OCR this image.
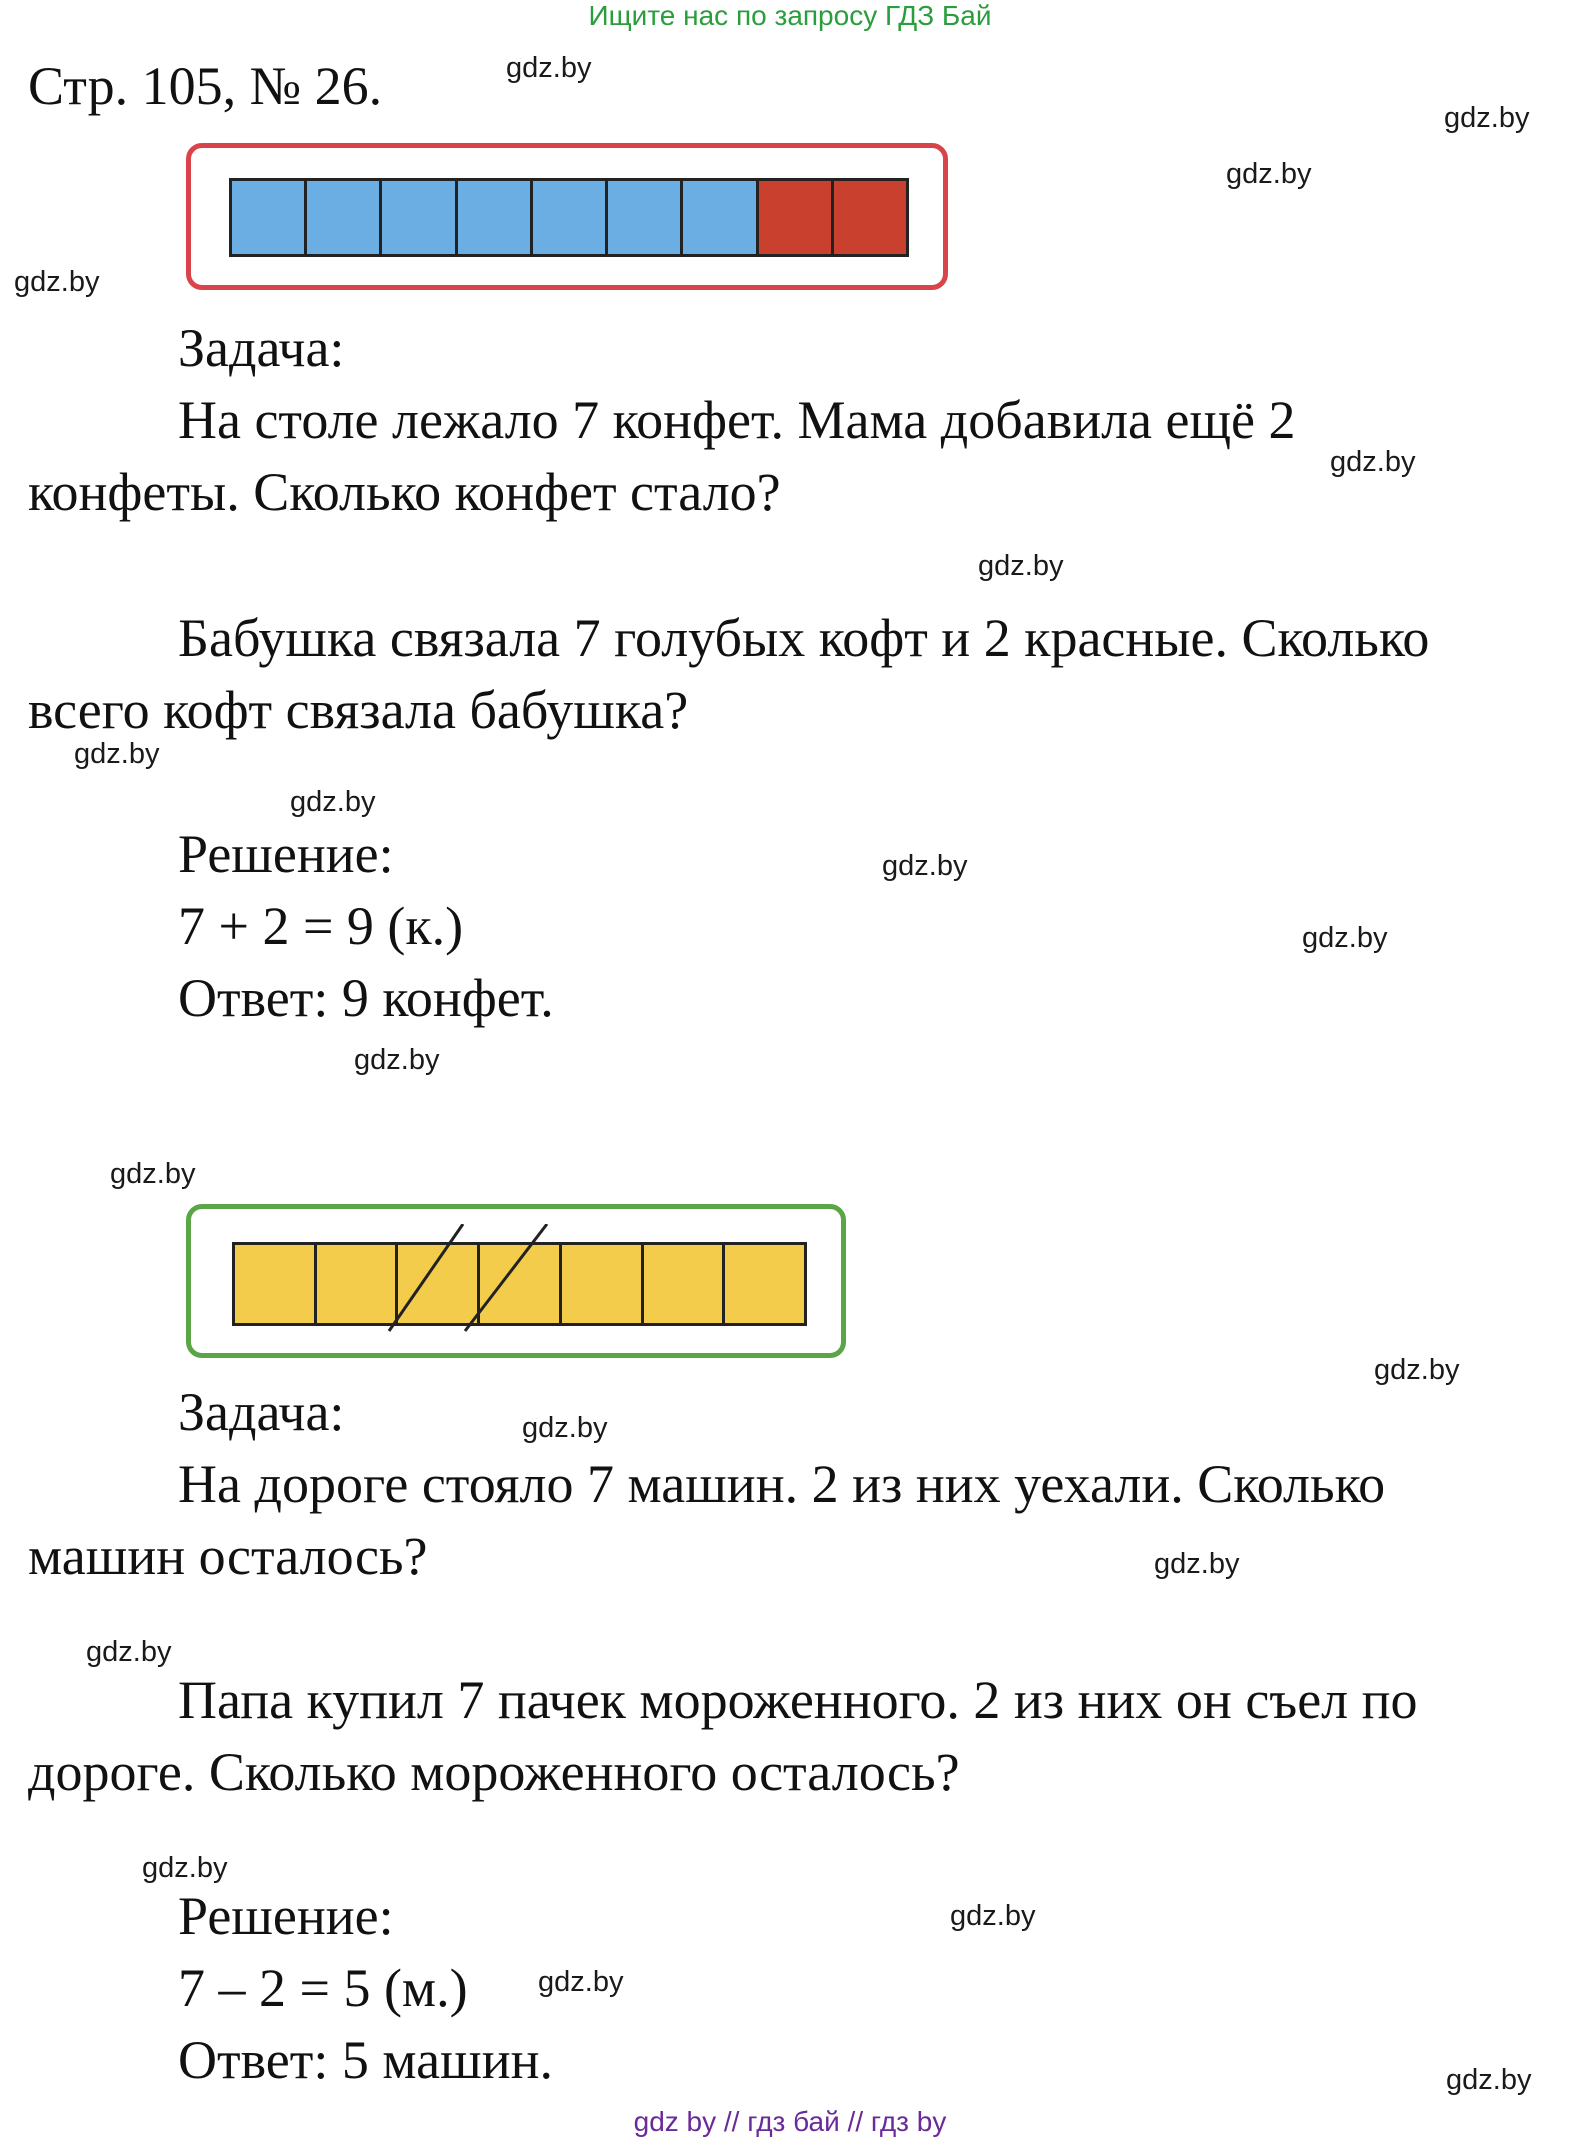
Ищите нас по запросу ГДЗ Бай
Стр. 105, № 26.
Задача:
На столе лежало 7 конфет. Мама добавила ещё 2
конфеты. Сколько конфет стало?
Бабушка связала 7 голубых кофт и 2 красные. Сколько
всего кофт связала бабушка?
Решение:
7 + 2 = 9 (к.)
Ответ: 9 конфет.
Задача:
На дороге стояло 7 машин. 2 из них уехали. Сколько
машин осталось?
Папа купил 7 пачек мороженного. 2 из них он съел по
дороге. Сколько мороженного осталось?
Решение:
7 – 2 = 5 (м.)
Ответ: 5 машин.
gdz.by
gdz.by
gdz.by
gdz.by
gdz.by
gdz.by
gdz.by
gdz.by
gdz.by
gdz.by
gdz.by
gdz.by
gdz.by
gdz.by
gdz.by
gdz.by
gdz.by
gdz.by
gdz.by
gdz.by
gdz by // гдз бай // гдз by
